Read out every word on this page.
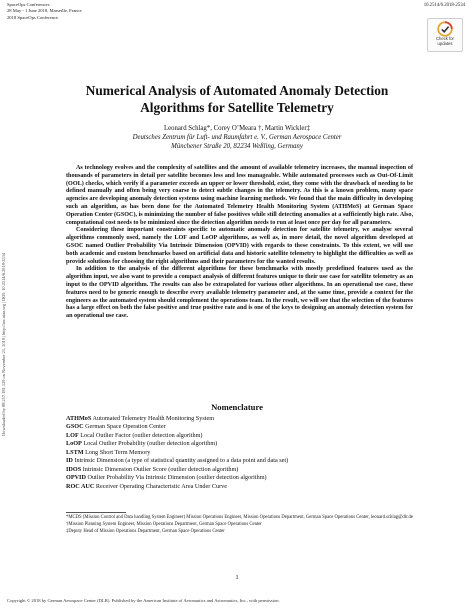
SpaceOps Conferences
28 May - 1 June 2018, Marseille, France
2018 SpaceOps Conference
10.2514/6.2018-2534
Check for
updates
Downloaded by 88.217.181.129 on November 21, 2019 | http://arc.aiaa.org | DOI: 10.2514/6.2018-2534
Numerical Analysis of Automated Anomaly Detection
Algorithms for Satellite Telemetry
Leonard Schlag*, Corey O’Meara †, Martin Wickler‡
Deutsches Zentrum für Luft- und Raumfahrt e. V., German Aerospace Center
Münchener Straße 20, 82234 Weßling, Germany

As technology evolves and the complexity of satellites and the amount of available telemetry increases, the manual inspection of thousands of parameters in detail per satellite becomes less and less manageable. While automated processes such as Out-Of-Limit (OOL) checks, which verify if a parameter exceeds an upper or lower threshold, exist, they come with the drawback of needing to be defined manually and often being very coarse to detect subtle changes in the telemetry. As this is a known problem, many space agencies are developing anomaly detection systems using machine learning methods. We found that the main difficulty in developing such an algorithm, as has been done for the Automated Telemetry Health Monitoring System (ATHMoS) at German Space Operation Center (GSOC), is minimizing the number of false positives while still detecting anomalies at a sufficiently high rate. Also, computational cost needs to be minimized since the detection algorithm needs to run at least once per day for all parameters.

Considering these important constraints specific to automatic anomaly detection for satellite telemetry, we analyse several algorithms commonly used, namely the LOF and LoOP algorithms, as well as, in more detail, the novel algorithm developed at GSOC named Outlier Probability Via Intrinsic Dimension (OPVID) with regards to these constraints. To this extent, we will use both academic and custom benchmarks based on artificial data and historic satellite telemetry to highlight the difficulties as well as provide solutions for choosing the right algorithms and their parameters for the wanted results.

In addition to the analysis of the different algorithms for these benchmarks with mostly predefined features used as the algorithm input, we also want to provide a compact analysis of different features unique to their use case for satellite telemetry as an input to the OPVID algorithm. The results can also be extrapolated for various other algorithms. In an operational use case, these features need to be generic enough to describe every available telemetry parameter and, at the same time, provide a context for the engineers as the automated system should complement the operations team. In the result, we will see that the selection of the features has a large effect on both the false positive and true positive rate and is one of the keys to designing an anomaly detection system for an operational use case.

Nomenclature
ATHMoS Automated Telemetry Health Monitoring System
GSOC German Space Operation Center
LOF Local Outlier Factor (outlier detection algorithm)
LoOP Local Outlier Probability (outlier detection algorithm)
LSTM Long Short Term Memory
ID Intrinsic Dimension (a type of statistical quantity assigned to a data point and data set)
IDOS Intrinsic Dimension Outlier Score (outlier detection algorithm)
OPVID Outlier Probability Via Intrinsic Dimension (outlier detection algorithm)
ROC AUC Receiver Operating Characteristic Area Under Curve
*MCDS (Mission Control and Data handling System Engineer) Mission Operations Engineer, Mission Operations Department, German Space Operations Center, leonard.schlag@dlr.de
†Mission Planning System Engineer, Mission Operations Department, German Space Operations Center
‡Deputy Head of Mission Operations Department, German Space Operations Center
1
Copyright © 2018 by German Aerospace Center (DLR). Published by the American Institute of Aeronautics and Astronautics, Inc., with permission.
